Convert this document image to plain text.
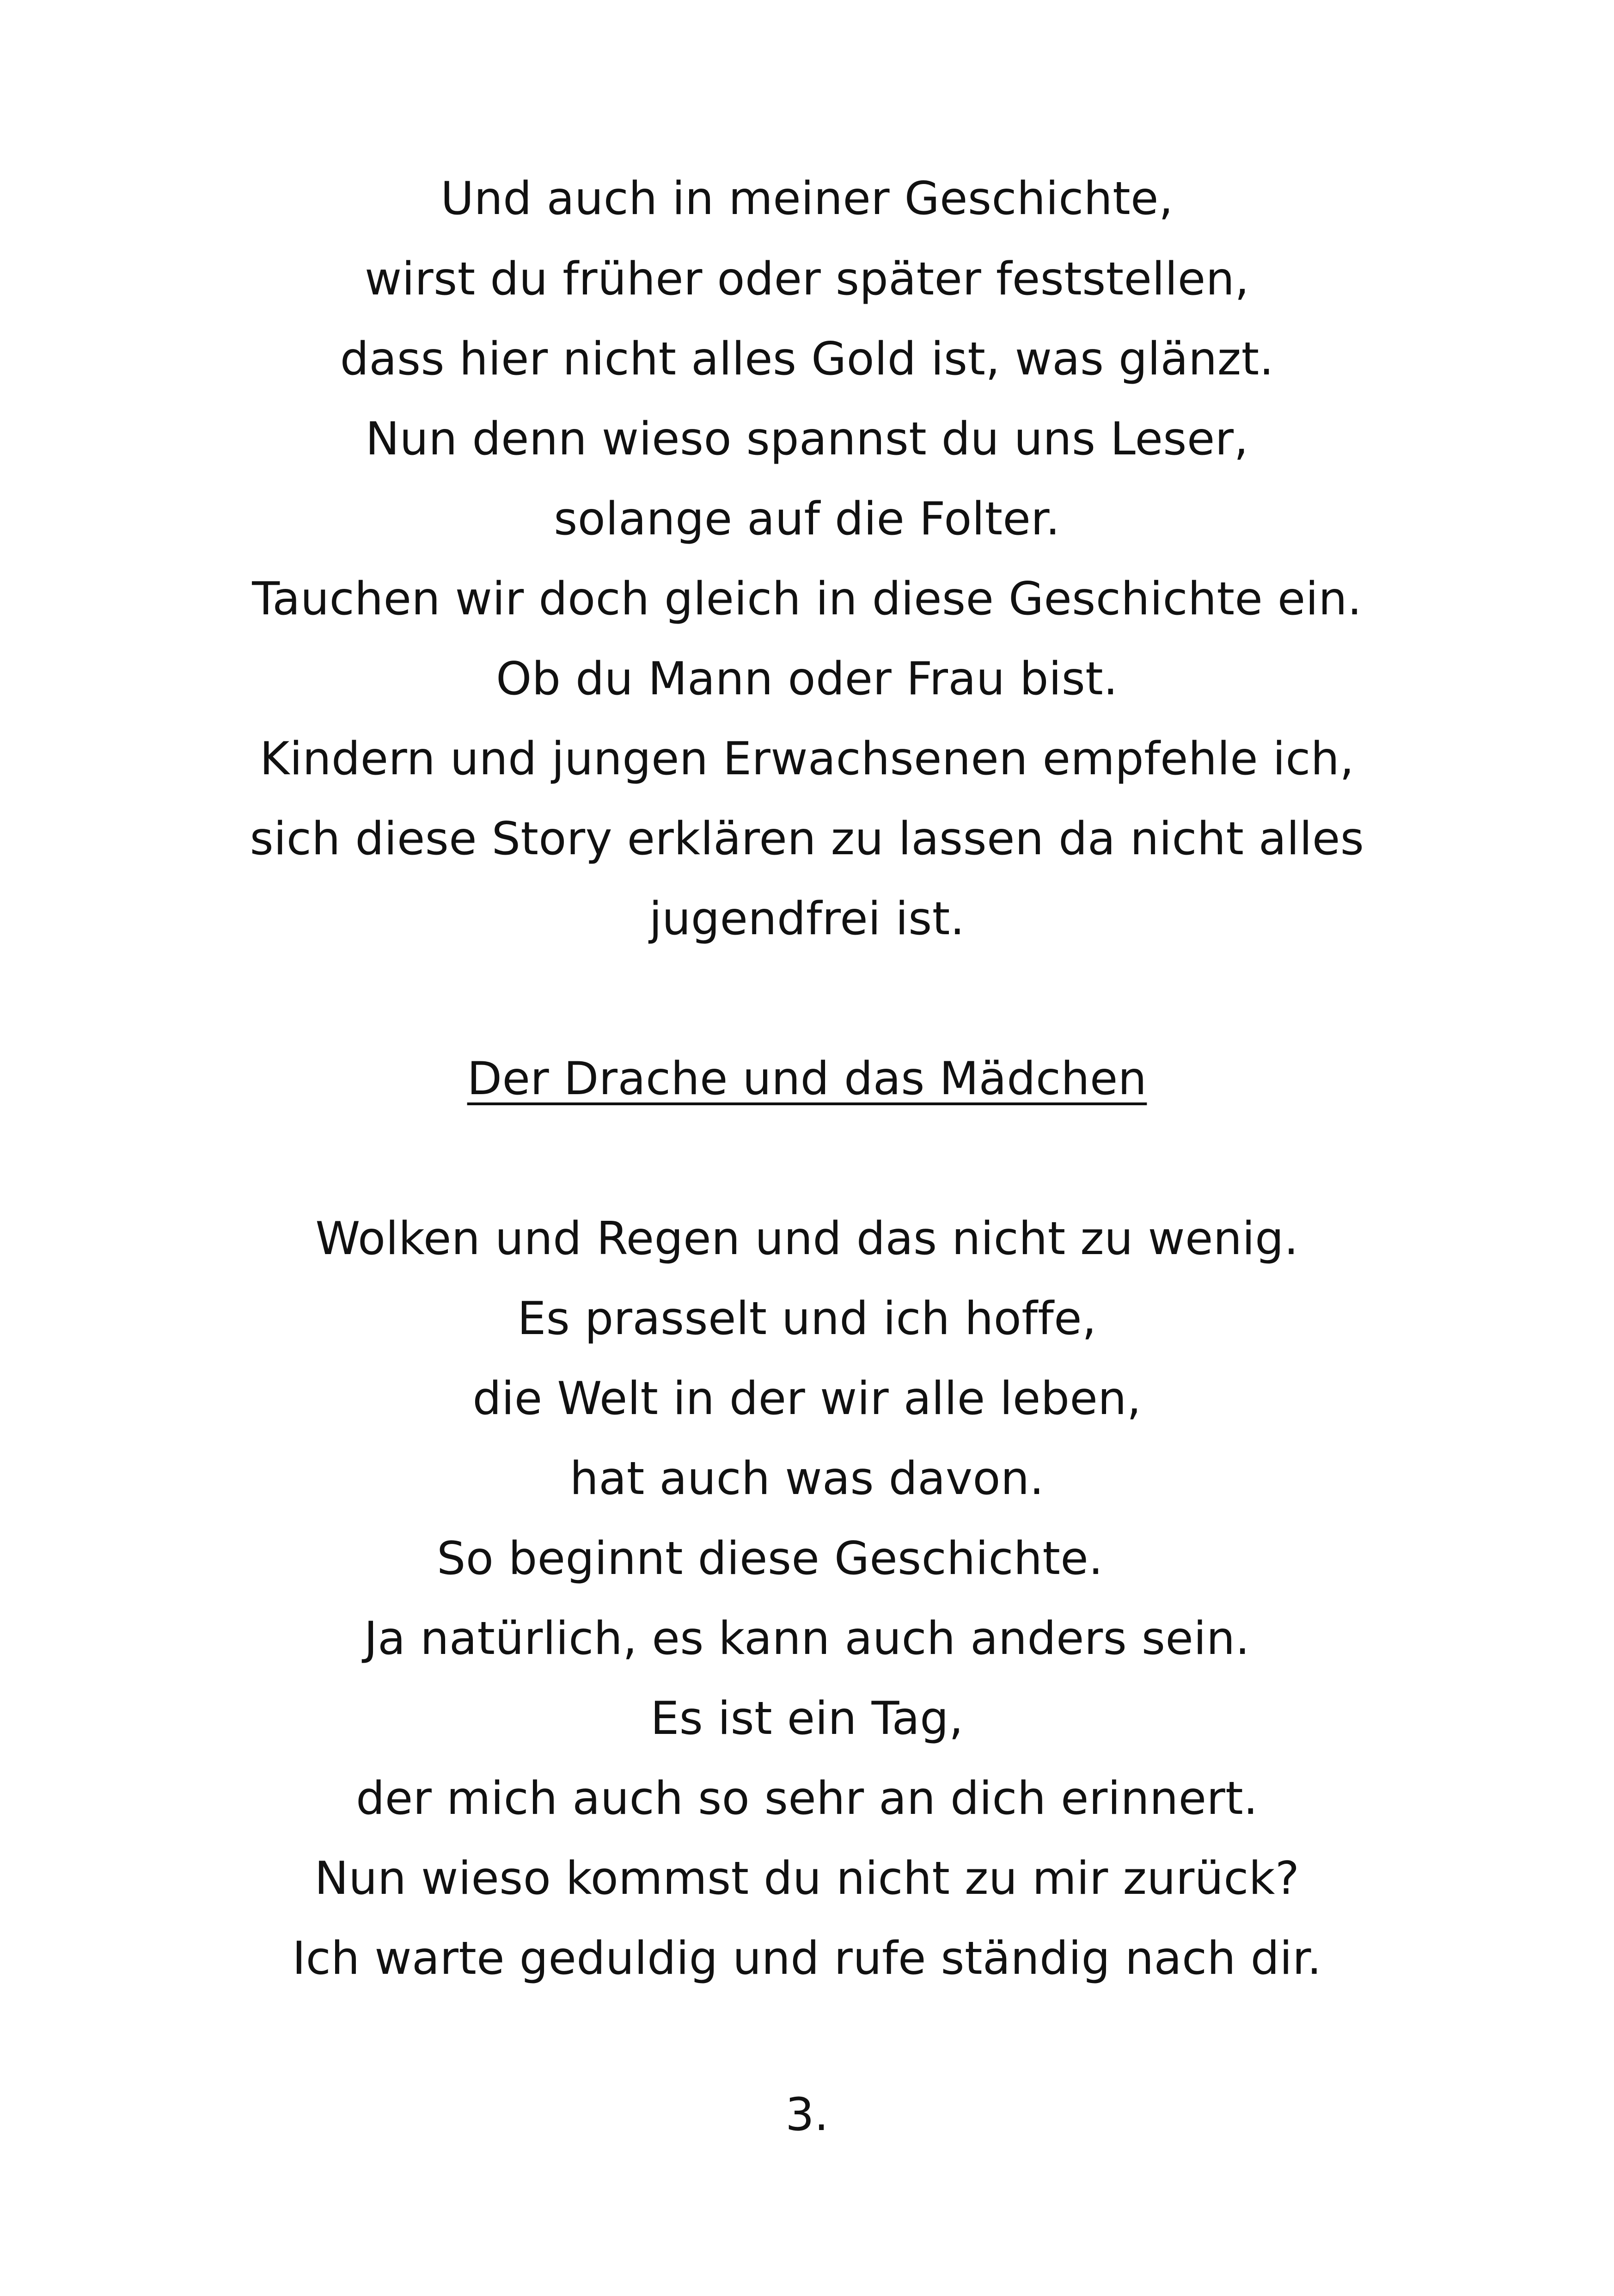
Und auch in meiner Geschichte,
wirst du früher oder später feststellen,
dass hier nicht alles Gold ist, was glänzt.
Nun denn wieso spannst du uns Leser,
solange auf die Folter.
Tauchen wir doch gleich in diese Geschichte ein.
Ob du Mann oder Frau bist.
Kindern und jungen Erwachsenen empfehle ich,
sich diese Story erklären zu lassen da nicht alles
jugendfrei ist.
Der Drache und das Mädchen
Wolken und Regen und das nicht zu wenig.
Es prasselt und ich hoffe,
die Welt in der wir alle leben,
hat auch was davon.
So beginnt diese Geschichte.
Ja natürlich, es kann auch anders sein.
Es ist ein Tag,
der mich auch so sehr an dich erinnert.
Nun wieso kommst du nicht zu mir zurück?
Ich warte geduldig und rufe ständig nach dir.
3.
